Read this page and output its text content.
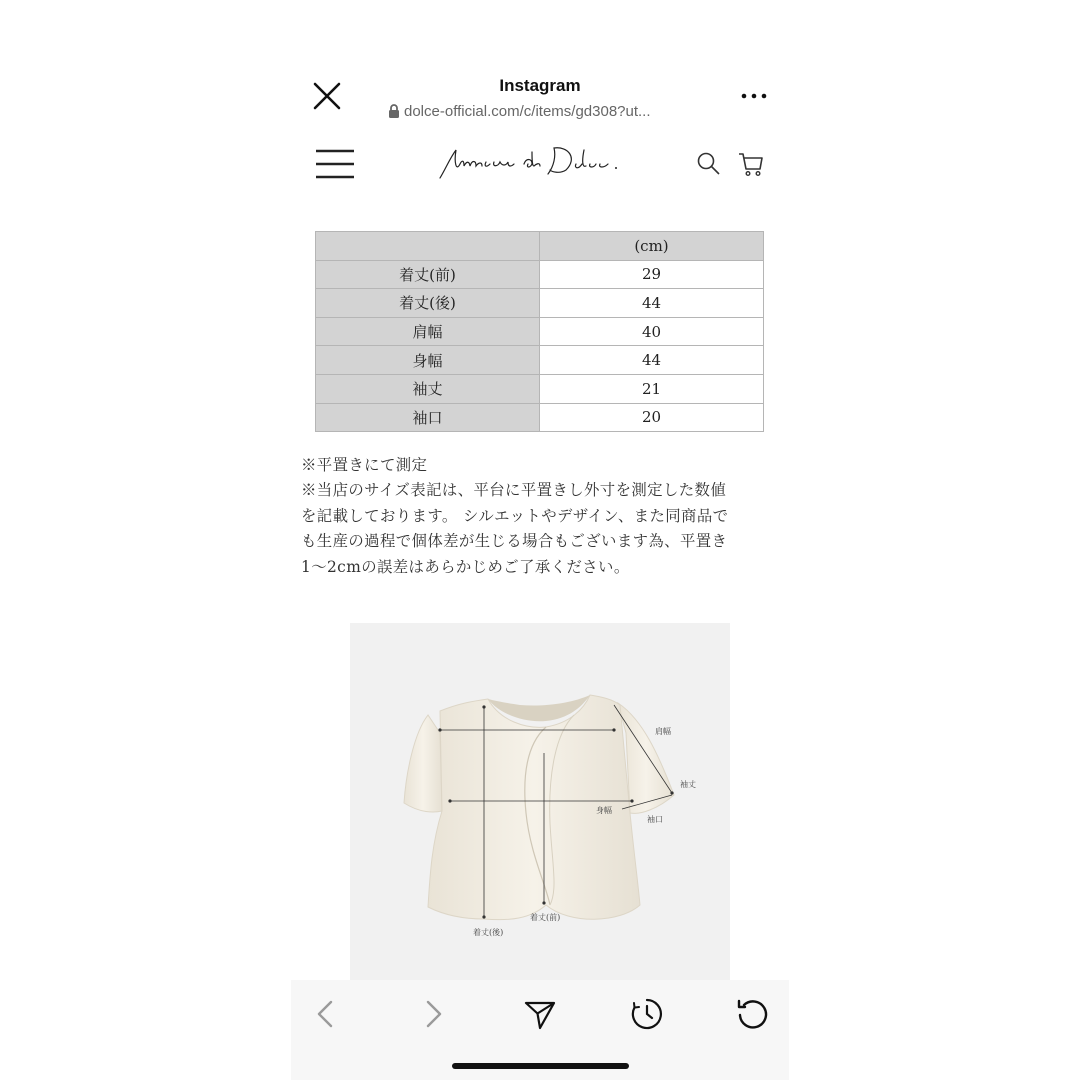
Instagram
dolce-official.com/c/items/gd308?ut...
	(cm)
着丈(前)	29
着丈(後)	44
肩幅	40
身幅	44
袖丈	21
袖口	20

※平置きにて測定

※当店のサイズ表記は、平台に平置きし外寸を測定した数値

を記載しております。 シルエットやデザイン、また同商品で

も生産の過程で個体差が生じる場合もございます為、平置き

1〜2cmの誤差はあらかじめご了承ください。

肩幅
袖丈
身幅
袖口
着丈(前)
着丈(後)
